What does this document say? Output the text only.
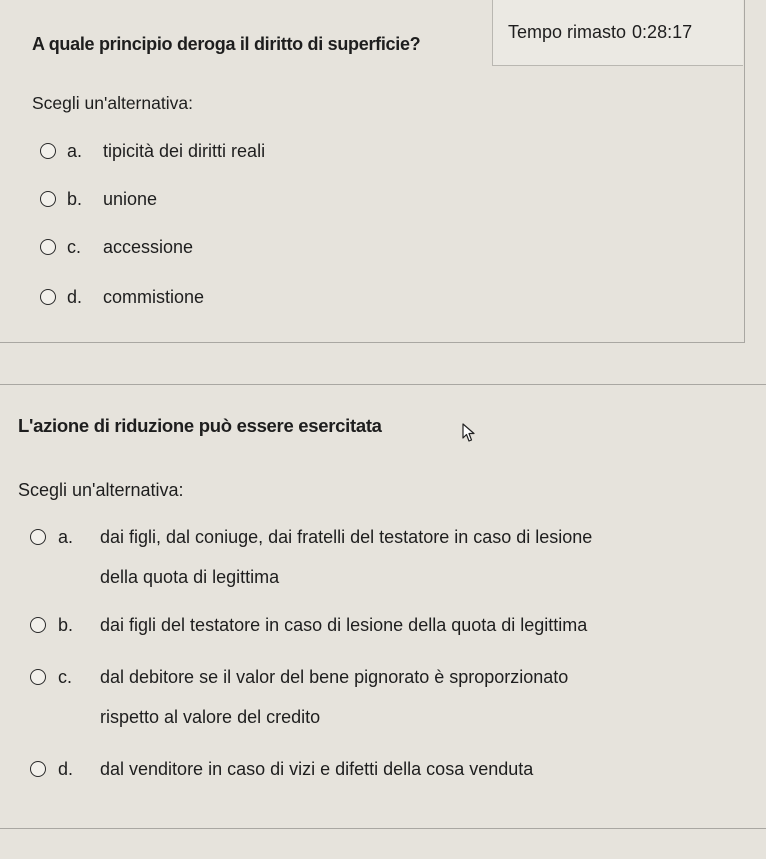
A quale principio deroga il diritto di superficie?
Scegli un'alternativa:
a.	tipicità dei diritti reali
b.	unione
c.	accessione
d.	commistione
Tempo rimasto 0:28:17
L'azione di riduzione può essere esercitata
Scegli un'alternativa:
a.	dai figli, dal coniuge, dai fratelli del testatore in caso di lesione
della quota di legittima
b.	dai figli del testatore in caso di lesione della quota di legittima
c.	dal debitore se il valor del bene pignorato è sproporzionato
rispetto al valore del credito
d.	dal venditore in caso di vizi e difetti della cosa venduta
